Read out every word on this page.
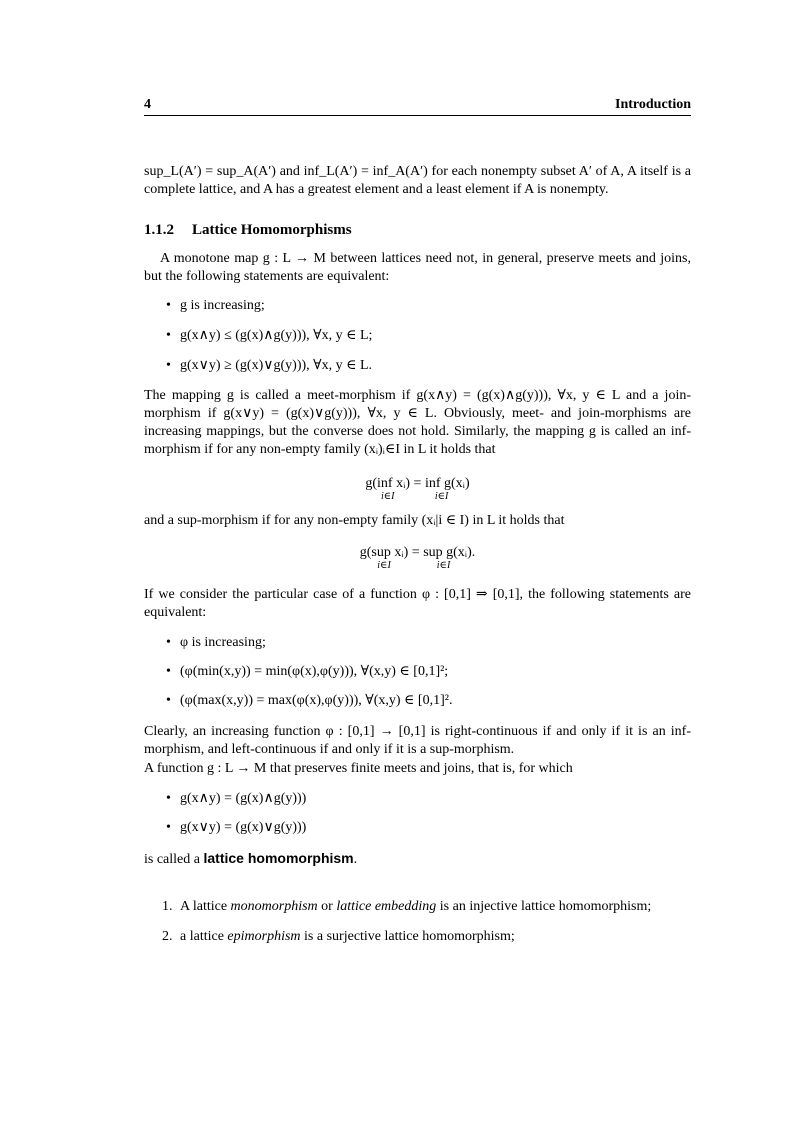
4	Introduction

sup_L(A′) = sup_A(A′) and inf_L(A′) = inf_A(A′) for each nonempty subset A′ of A, A itself is a complete lattice, and A has a greatest element and a least element if A is nonempty.

1.1.2 Lattice Homomorphisms

A monotone map g : L → M between lattices need not, in general, preserve meets and joins, but the following statements are equivalent:

• g is increasing;
• g(x∧y) ≤ (g(x)∧g(y))), ∀x, y ∈ L;
• g(x∨y) ≥ (g(x)∨g(y))), ∀x, y ∈ L.

The mapping g is called a meet-morphism if g(x∧y) = (g(x)∧g(y))), ∀x, y ∈ L and a join-morphism if g(x∨y) = (g(x)∨g(y))), ∀x, y ∈ L. Obviously, meet- and join-morphisms are increasing mappings, but the converse does not hold. Similarly, the mapping g is called an inf-morphism if for any non-empty family (xᵢ)ᵢ∈I in L it holds that

g(inf xᵢ)
i∈I
= inf g(xᵢ)
i∈I

and a sup-morphism if for any non-empty family (xᵢ|i ∈ I) in L it holds that

g(sup xᵢ)
i∈I
= sup g(xᵢ).
i∈I

If we consider the particular case of a function φ : [0,1] ⇒ [0,1], the following statements are equivalent:

• φ is increasing;
• (φ(min(x,y)) = min(φ(x),φ(y))), ∀(x,y) ∈ [0,1]²;
• (φ(max(x,y)) = max(φ(x),φ(y))), ∀(x,y) ∈ [0,1]².

Clearly, an increasing function φ : [0,1] → [0,1] is right-continuous if and only if it is an inf-morphism, and left-continuous if and only if it is a sup-morphism.

A function g : L → M that preserves finite meets and joins, that is, for which

• g(x∧y) = (g(x)∧g(y)))
• g(x∨y) = (g(x)∨g(y)))

is called a lattice homomorphism.

1. A lattice monomorphism or lattice embedding is an injective lattice homomorphism;
2. a lattice epimorphism is a surjective lattice homomorphism;
